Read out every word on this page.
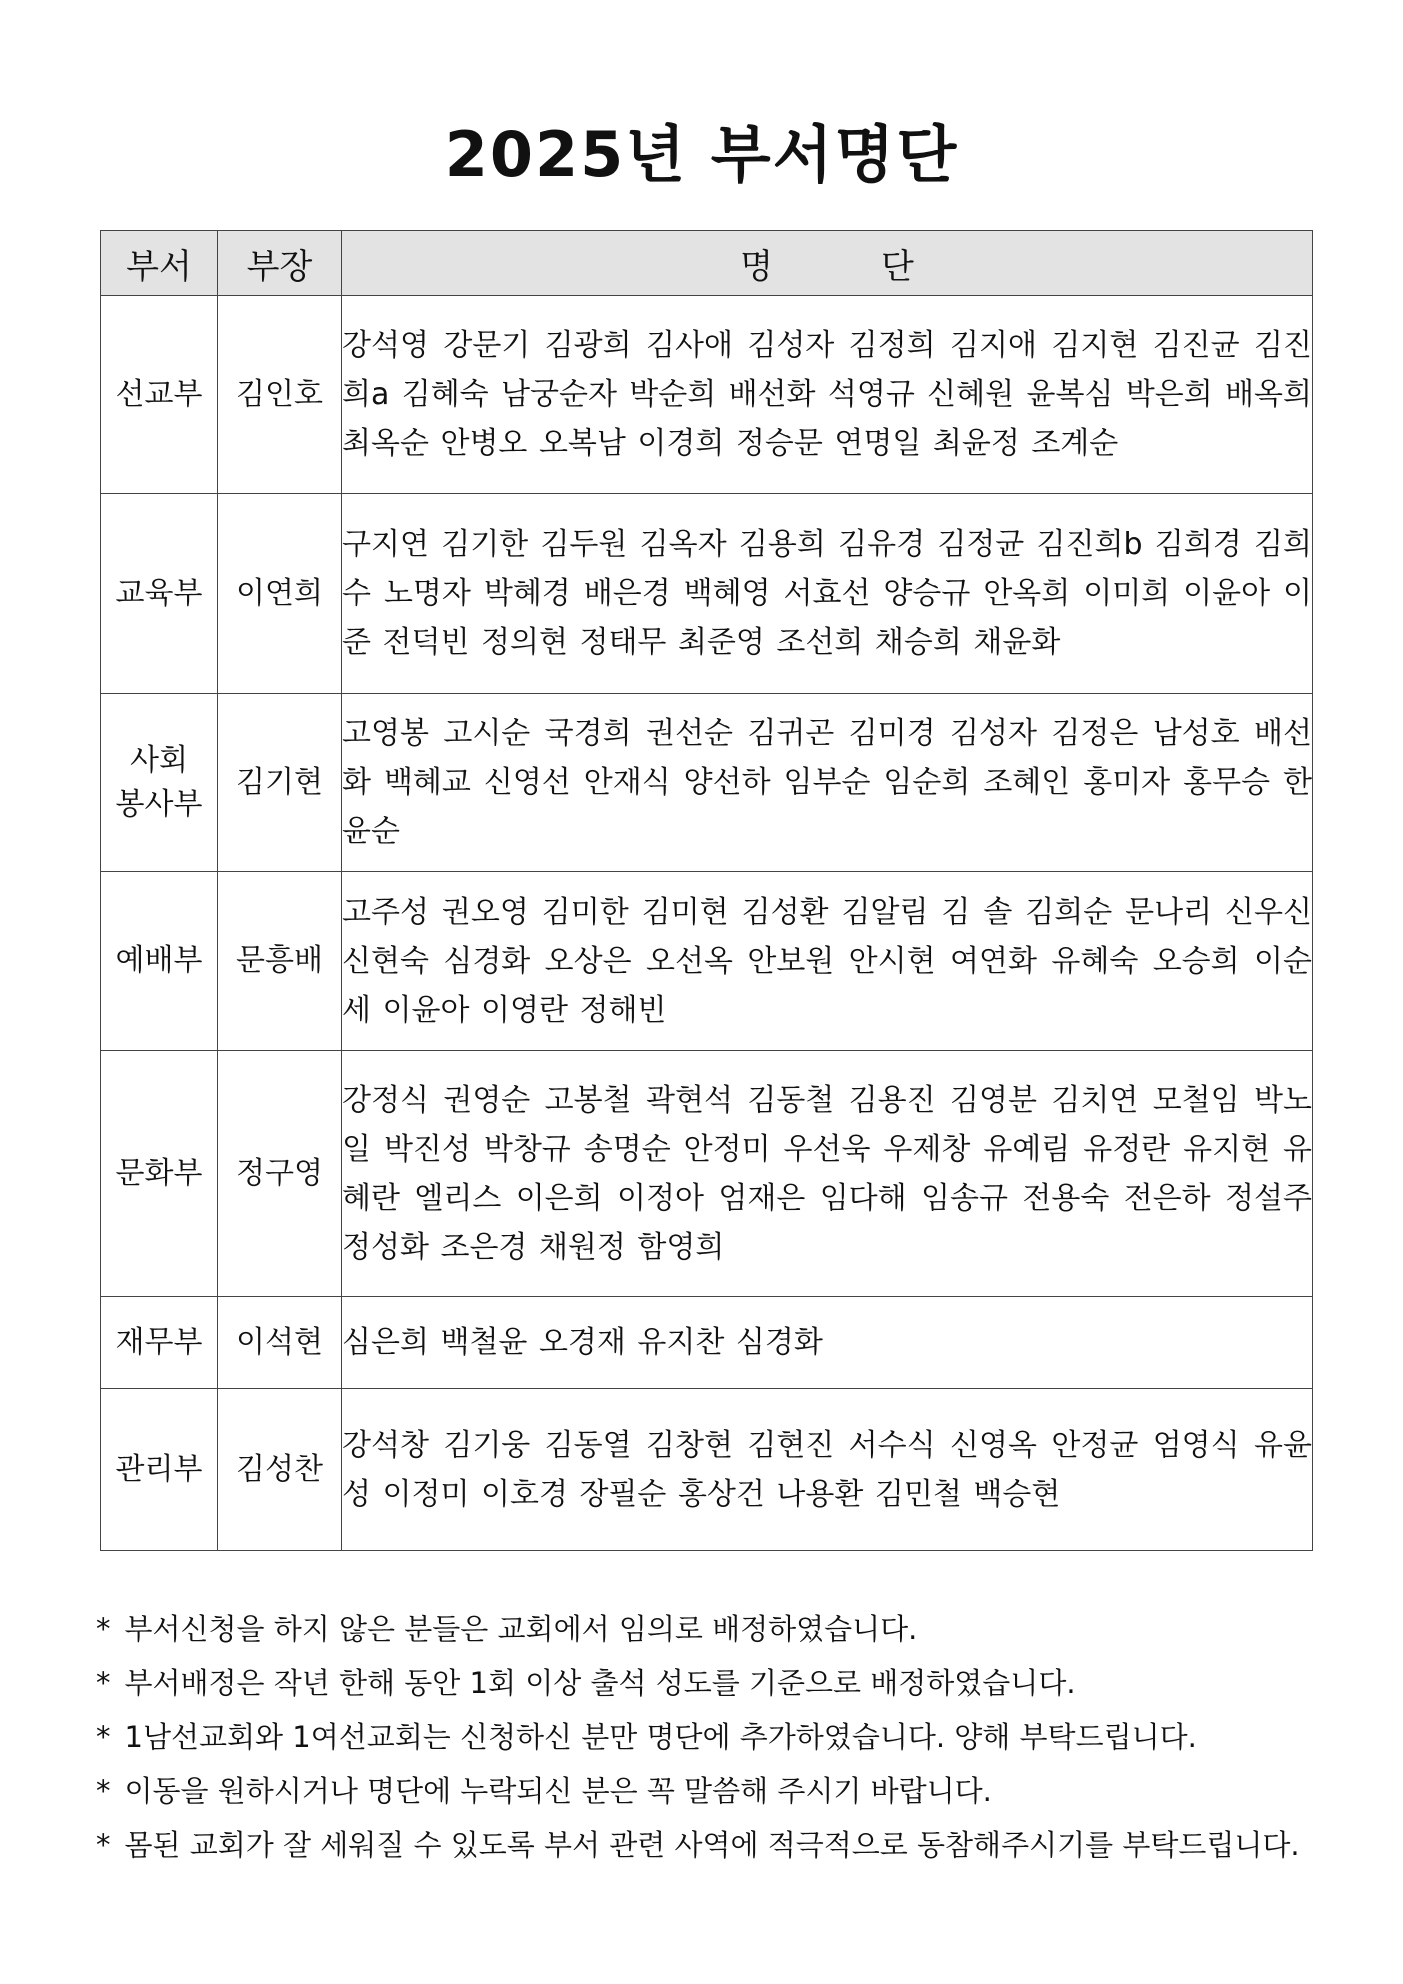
2025년 부서명단
부서	부장	명          단
선교부	김인호	강석영 강문기 김광희 김사애 김성자 김정희 김지애 김지현 김진균 김진희a 김혜숙 남궁순자 박순희 배선화 석영규 신혜원 윤복심 박은희 배옥희 최옥순 안병오 오복남 이경희 정승문 연명일 최윤정 조계순
교육부	이연희	구지연 김기한 김두원 김옥자 김용희 김유경 김정균 김진희b 김희경 김희수 노명자 박혜경 배은경 백혜영 서효선 양승규 안옥희 이미희 이윤아 이 준 전덕빈 정의현 정태무 최준영 조선희 채승희 채윤화

사회
봉사부	김기현	고영봉 고시순 국경희 권선순 김귀곤 김미경 김성자 김정은 남성호 배선화 백혜교 신영선 안재식 양선하 임부순 임순희 조혜인 홍미자 홍무승 한윤순
예배부	문흥배	고주성 권오영 김미한 김미현 김성환 김알림 김 솔 김희순 문나리 신우신 신현숙 심경화 오상은 오선옥 안보원 안시현 여연화 유혜숙 오승희 이순세 이윤아 이영란 정해빈
문화부	정구영	강정식 권영순 고봉철 곽현석 김동철 김용진 김영분 김치연 모철임 박노일 박진성 박창규 송명순 안정미 우선욱 우제창 유예림 유정란 유지현 유혜란 엘리스 이은희 이정아 엄재은 임다해 임송규 전용숙 전은하 정설주 정성화 조은경 채원정 함영희
재무부	이석현	심은희 백철윤 오경재 유지찬 심경화
관리부	김성찬	강석창 김기웅 김동열 김창현 김현진 서수식 신영옥 안정균 엄영식 유윤성 이정미 이호경 장필순 홍상건 나용환 김민철 백승현
* 부서신청을 하지 않은 분들은 교회에서 임의로 배정하였습니다.
* 부서배정은 작년 한해 동안 1회 이상 출석 성도를 기준으로 배정하였습니다.
* 1남선교회와 1여선교회는 신청하신 분만 명단에 추가하였습니다. 양해 부탁드립니다.
* 이동을 원하시거나 명단에 누락되신 분은 꼭 말씀해 주시기 바랍니다.
* 몸된 교회가 잘 세워질 수 있도록 부서 관련 사역에 적극적으로 동참해주시기를 부탁드립니다.
